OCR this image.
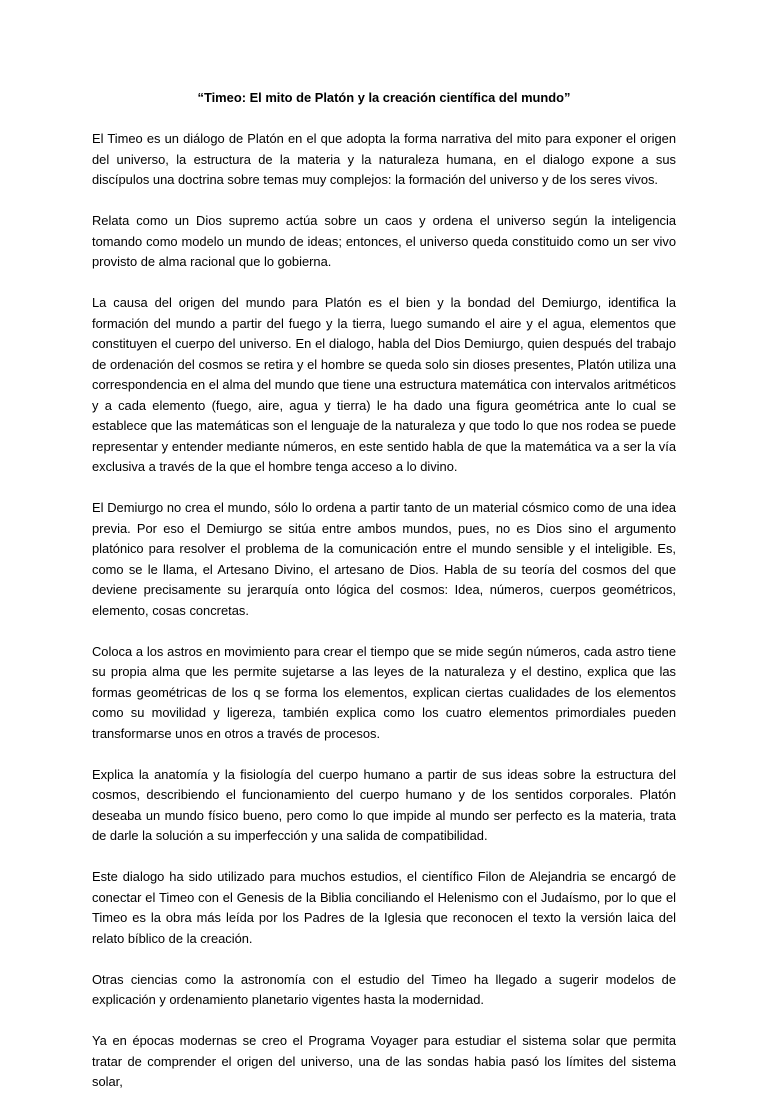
“Timeo: El mito de Platón y la creación científica del mundo”

El Timeo es un diálogo de Platón en el que adopta la forma narrativa del mito para exponer el origen del universo, la estructura de la materia y la naturaleza humana, en el dialogo expone a sus discípulos una doctrina sobre temas muy complejos: la formación del universo y de los seres vivos.

Relata como un Dios supremo actúa sobre un caos y ordena el universo según la inteligencia tomando como modelo un mundo de ideas; entonces, el universo queda constituido como un ser vivo provisto de alma racional que lo gobierna.

La causa del origen del mundo para Platón es el bien y la bondad del Demiurgo, identifica la formación del mundo a partir del fuego y la tierra, luego sumando el aire y el agua, elementos que constituyen el cuerpo del universo. En el dialogo, habla del Dios Demiurgo, quien después del trabajo de ordenación del cosmos se retira y el hombre se queda solo sin dioses presentes, Platón utiliza una correspondencia en el alma del mundo que tiene una estructura matemática con intervalos aritméticos y a cada elemento (fuego, aire, agua y tierra) le ha dado una figura geométrica ante lo cual se establece que las matemáticas son el lenguaje de la naturaleza y que todo lo que nos rodea se puede representar y entender mediante números, en este sentido habla de que la matemática va a ser la vía exclusiva a través de la que el hombre tenga acceso a lo divino.

El Demiurgo no crea el mundo, sólo lo ordena a partir tanto de un material cósmico como de una idea previa. Por eso el Demiurgo se sitúa entre ambos mundos, pues, no es Dios sino el argumento platónico para resolver el problema de la comunicación entre el mundo sensible y el inteligible. Es, como se le llama, el Artesano Divino, el artesano de Dios. Habla de su teoría del cosmos del que deviene precisamente su jerarquía onto lógica del cosmos: Idea, números, cuerpos geométricos, elemento, cosas concretas.

Coloca a los astros en movimiento para crear el tiempo que se mide según números, cada astro tiene su propia alma que les permite sujetarse a las leyes de la naturaleza y el destino, explica que las formas geométricas de los q se forma los elementos, explican ciertas cualidades de los elementos como su movilidad y ligereza, también explica como los cuatro elementos primordiales pueden transformarse unos en otros a través de procesos.

Explica la anatomía y la fisiología del cuerpo humano a partir de sus ideas sobre la estructura del cosmos, describiendo el funcionamiento del cuerpo humano y de los sentidos corporales. Platón deseaba un mundo físico bueno, pero como lo que impide al mundo ser perfecto es la materia, trata de darle la solución a su imperfección y una salida de compatibilidad.

Este dialogo ha sido utilizado para muchos estudios, el científico Filon de Alejandria se encargó de conectar el Timeo con el Genesis de la Biblia conciliando el Helenismo con el Judaísmo, por lo que el Timeo es la obra más leída por los Padres de la Iglesia que reconocen el texto la versión laica del relato bíblico de la creación.

Otras ciencias como la astronomía con el estudio del Timeo ha llegado a sugerir modelos de explicación y ordenamiento planetario vigentes hasta la modernidad.

Ya en épocas modernas se creo el Programa Voyager para estudiar el sistema solar que permita tratar de comprender el origen del universo, una de las sondas habia pasó los límites del sistema solar,
